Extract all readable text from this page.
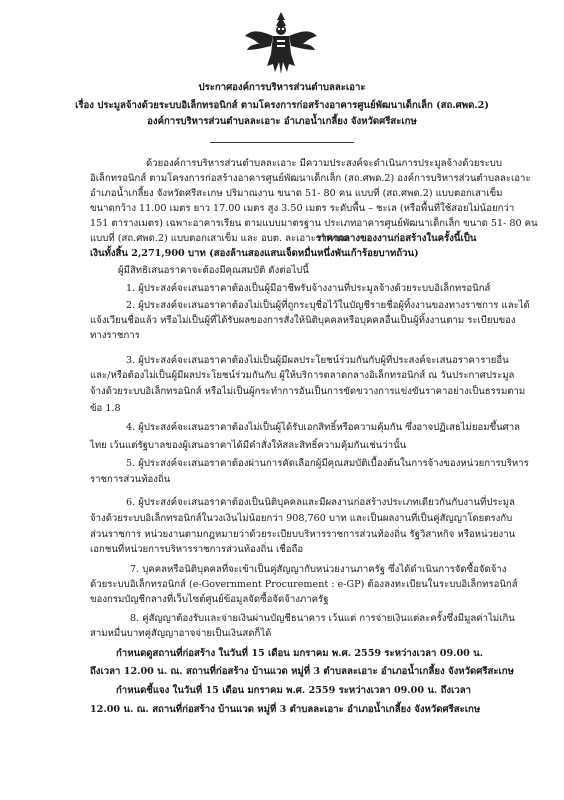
ประกาศองค์การบริหารส่วนตำบลละเอาะ
เรื่อง ประมูลจ้างด้วยระบบอิเล็กทรอนิกส์ ตามโครงการก่อสร้างอาคารศูนย์พัฒนาเด็กเล็ก (สถ.ศพด.2)
องค์การบริหารส่วนตำบลละเอาะ อำเภอน้ำเกลี้ยง จังหวัดศรีสะเกษ
ด้วยองค์การบริหารส่วนตำบลละเอาะ มีความประสงค์จะดำเนินการประมูลจ้างด้วยระบบ
อิเล็กทรอนิกส์ ตามโครงการก่อสร้างอาคารศูนย์พัฒนาเด็กเล็ก (สถ.ศพด.2) องค์การบริหารส่วนตำบลละเอาะ
อำเภอน้ำเกลี้ยง จังหวัดศรีสะเกษ ปริมาณงาน ขนาด 51- 80 คน แบบที่ (สถ.ศพด.2) แบบตอกเสาเข็ม
ขนาดกว้าง 11.00 เมตร ยาว 17.00 เมตร สูง 3.50 เมตร ระดับพื้น – ชะเล (หรือพื้นที่ใช้สอยไม่น้อยกว่า
151 ตารางเมตร) เฉพาะอาคารเรียน ตามแบบมาตรฐาน ประเภทอาคารศูนย์พัฒนาเด็กเล็ก ขนาด 51- 80 คน
แบบที่ (สถ.ศพด.2) แบบตอกเสาเข็ม และ อบต. ละเอาะ กำหนด
ราคากลางของงานก่อสร้างในครั้งนี้เป็น
เงินทั้งสิ้น 2,271,900 บาท (สองล้านสองแสนเจ็ดหมื่นหนึ่งพันเก้าร้อยบาทถ้วน)
ผู้มีสิทธิเสนอราคาจะต้องมีคุณสมบัติ ดังต่อไปนี้
1. ผู้ประสงค์จะเสนอราคาต้องเป็นผู้มีอาชีพรับจ้างงานที่ประมูลจ้างด้วยระบบอิเล็กทรอนิกส์
2. ผู้ประสงค์จะเสนอราคาต้องไม่เป็นผู้ที่ถูกระบุชื่อไว้ในบัญชีรายชื่อผู้ทิ้งงานของทางราชการ และได้
แจ้งเวียนชื่อแล้ว หรือไม่เป็นผู้ที่ได้รับผลของการสั่งให้นิติบุคคลหรือบุคคลอื่นเป็นผู้ทิ้งงานตาม ระเบียบของ
ทางราชการ
3. ผู้ประสงค์จะเสนอราคาต้องไม่เป็นผู้มีผลประโยชน์ร่วมกันกับผู้ที่ประสงค์จะเสนอราคารายอื่น
และ/หรือต้องไม่เป็นผู้มีผลประโยชน์ร่วมกันกับ ผู้ให้บริการตลาดกลางอิเล็กทรอนิกส์ ณ วันประกาศประมูล
จ้างด้วยระบบอิเล็กทรอนิกส์ หรือไม่เป็นผู้กระทำการอันเป็นการขัดขวางการแข่งขันราคาอย่างเป็นธรรมตาม
ข้อ 1.8
4. ผู้ประสงค์จะเสนอราคาต้องไม่เป็นผู้ได้รับเอกสิทธิ์หรือความคุ้มกัน ซึ่งอาจปฏิเสธไม่ยอมขึ้นศาล
ไทย เว้นแต่รัฐบาลของผู้เสนอราคาได้มีคำสั่งให้สละสิทธิ์ความคุ้มกันเช่นว่านั้น
5. ผู้ประสงค์จะเสนอราคาต้องผ่านการคัดเลือกผู้มีคุณสมบัติเบื้องต้นในการจ้างของหน่วยการบริหาร
ราชการส่วนท้องถิ่น
6. ผู้ประสงค์จะเสนอราคาต้องเป็นนิติบุคคลและมีผลงานก่อสร้างประเภทเดียวกันกับงานที่ประมูล
จ้างด้วยระบบอิเล็กทรอนิกส์ในวงเงินไม่น้อยกว่า 908,760 บาท และเป็นผลงานที่เป็นคู่สัญญาโดยตรงกับ
ส่วนราชการ หน่วยงานตามกฎหมายว่าด้วยระเบียบบริหารราชการส่วนท้องถิ่น รัฐวิสาหกิจ หรือหน่วยงาน
เอกชนที่หน่วยการบริหารราชการส่วนท้องถิ่น เชื่อถือ
7. บุคคลหรือนิติบุคคลที่จะเข้าเป็นคู่สัญญากับหน่วยงานภาครัฐ ซึ่งได้ดำเนินการจัดซื้อจัดจ้าง
ด้วยระบบอิเล็กทรอนิกส์ (e-Government Procurement : e-GP) ต้องลงทะเบียนในระบบอิเล็กทรอนิกส์
ของกรมบัญชีกลางที่เว็บไซต์ศูนย์ข้อมูลจัดซื้อจัดจ้างภาครัฐ
8. คู่สัญญาต้องรับและจ่ายเงินผ่านบัญชีธนาคาร เว้นแต่ การจ่ายเงินแต่ละครั้งซึ่งมีมูลค่าไม่เกิน
สามหมื่นบาทคู่สัญญาอาจจ่ายเป็นเงินสดก็ได้
กำหนดดูสถานที่ก่อสร้าง ในวันที่ 15 เดือน มกราคม พ.ศ. 2559 ระหว่างเวลา 09.00 น.
ถึงเวลา 12.00 น. ณ. สถานที่ก่อสร้าง บ้านแวด หมู่ที่ 3 ตำบลละเอาะ อำเภอน้ำเกลี้ยง จังหวัดศรีสะเกษ
กำหนดชี้แจง ในวันที่ 15 เดือน มกราคม พ.ศ. 2559 ระหว่างเวลา 09.00 น. ถึงเวลา
12.00 น. ณ. สถานที่ก่อสร้าง บ้านแวด หมู่ที่ 3 ตำบลละเอาะ อำเภอน้ำเกลี้ยง จังหวัดศรีสะเกษ
